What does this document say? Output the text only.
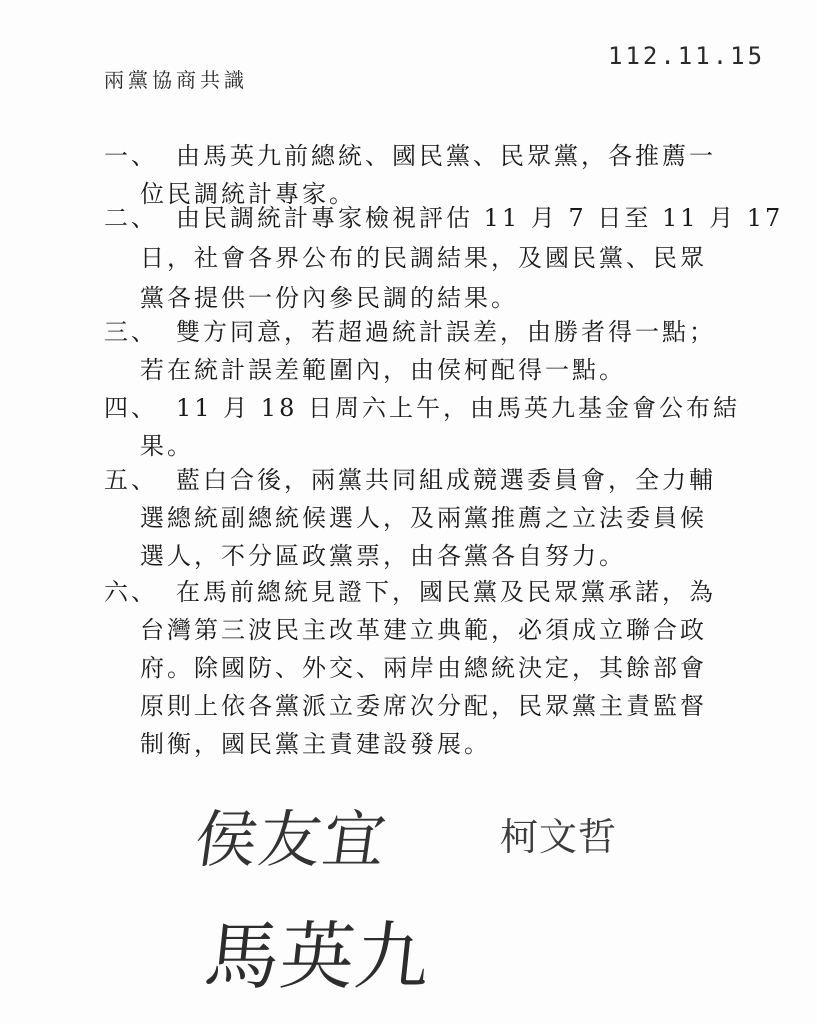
兩黨協商共識
112.11.15
一、 由馬英九前總統、國民黨、民眾黨，各推薦一
位民調統計專家。
二、 由民調統計專家檢視評估 11 月 7 日至 11 月 17
日，社會各界公布的民調結果，及國民黨、民眾
黨各提供一份內參民調的結果。
三、 雙方同意，若超過統計誤差，由勝者得一點；
若在統計誤差範圍內，由侯柯配得一點。
四、 11 月 18 日周六上午，由馬英九基金會公布結
果。
五、 藍白合後，兩黨共同組成競選委員會，全力輔
選總統副總統候選人，及兩黨推薦之立法委員候
選人，不分區政黨票，由各黨各自努力。
六、 在馬前總統見證下，國民黨及民眾黨承諾，為
台灣第三波民主改革建立典範，必須成立聯合政
府。除國防、外交、兩岸由總統決定，其餘部會
原則上依各黨派立委席次分配，民眾黨主責監督
制衡，國民黨主責建設發展。
侯友宜	柯文哲
馬英九
